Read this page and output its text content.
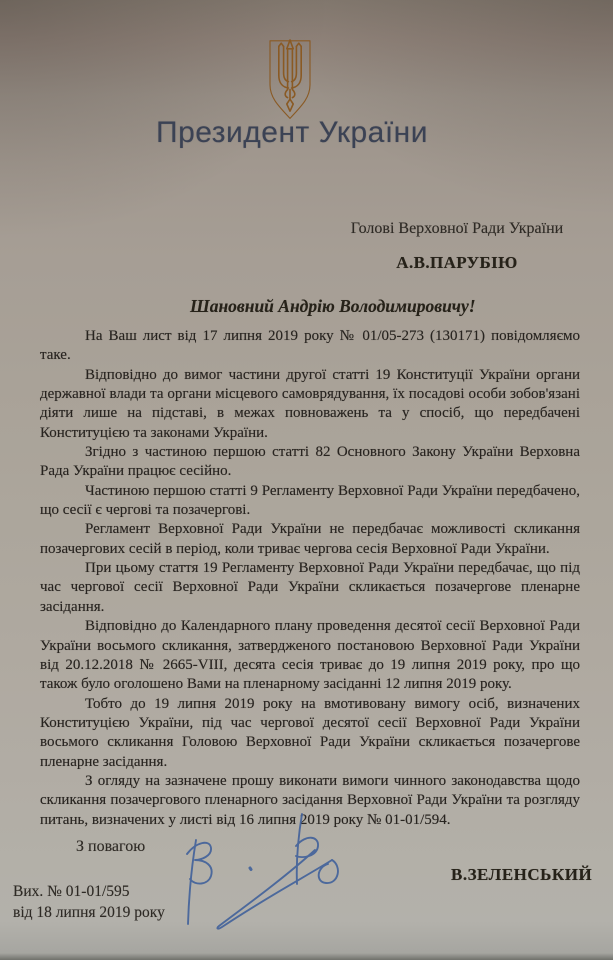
Президент України
Голові Верховної Ради України
А.В.ПАРУБІЮ
Шановний Андрію Володимировичу!

На Ваш лист від 17 липня 2019 року № 01/05-273 (130171) повідомляємо таке.

Відповідно до вимог частини другої статті 19 Конституції України органи державної влади та органи місцевого самоврядування, їх посадові особи зобов'язані діяти лише на підставі, в межах повноважень та у спосіб, що передбачені Конституцією та законами України.

Згідно з частиною першою статті 82 Основного Закону України Верховна Рада України працює сесійно.

Частиною першою статті 9 Регламенту Верховної Ради України передбачено, що сесії є чергові та позачергові.

Регламент Верховної Ради України не передбачає можливості скликання позачергових сесій в період, коли триває чергова сесія Верховної Ради України.

При цьому стаття 19 Регламенту Верховної Ради України передбачає, що під час чергової сесії Верховної Ради України скликається позачергове пленарне засідання.

Відповідно до Календарного плану проведення десятої сесії Верховної Ради України восьмого скликання, затвердженого постановою Верховної Ради України від 20.12.2018 № 2665-VIII, десята сесія триває до 19 липня 2019 року, про що також було оголошено Вами на пленарному засіданні 12 липня 2019 року.

Тобто до 19 липня 2019 року на вмотивовану вимогу осіб, визначених Конституцією України, під час чергової десятої сесії Верховної Ради України восьмого скликання Головою Верховної Ради України скликається позачергове пленарне засідання.

З огляду на зазначене прошу виконати вимоги чинного законодавства щодо скликання позачергового пленарного засідання Верховної Ради України та розгляду питань, визначених у листі від 16 липня 2019 року № 01-01/594.

З повагою
В.ЗЕЛЕНСЬКИЙ
Вих. № 01-01/595
від 18 липня 2019 року
